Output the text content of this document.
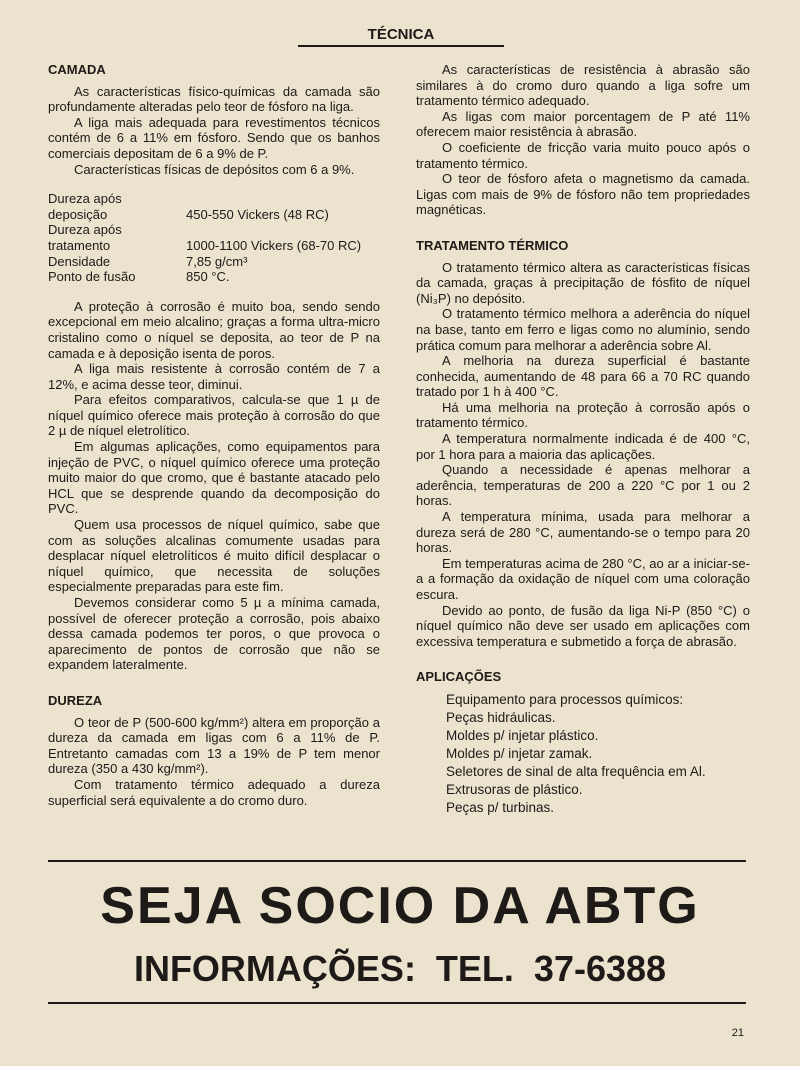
TÉCNICA
CAMADA

As características físico-químicas da camada são profundamente alteradas pelo teor de fósforo na liga.

A liga mais adequada para revestimentos técnicos contém de 6 a 11% em fósforo. Sendo que os banhos comerciais depositam de 6 a 9% de P.

Características físicas de depósitos com 6 a 9%.

Dureza após	
deposição	450-550 Vickers (48 RC)
Dureza após	
tratamento	1000-1100 Vickers (68-70 RC)
Densidade	7,85 g/cm³
Ponto de fusão	850 °C.

A proteção à corrosão é muito boa, sendo sendo excepcional em meio alcalino; graças a forma ultra-micro cristalino como o níquel se deposita, ao teor de P na camada e à deposição isenta de poros.

A liga mais resistente à corrosão contém de 7 a 12%, e acima desse teor, diminui.

Para efeitos comparativos, calcula-se que 1 µ de níquel químico oferece mais proteção à corrosão do que 2 µ de níquel eletrolítico.

Em algumas aplicações, como equipamentos para injeção de PVC, o níquel químico oferece uma proteção muito maior do que cromo, que é bastante atacado pelo HCL que se desprende quando da decomposição do PVC.

Quem usa processos de níquel químico, sabe que com as soluções alcalinas comumente usadas para desplacar níquel eletrolíticos é muito difícil desplacar o níquel químico, que necessita de soluções especialmente preparadas para este fim.

Devemos considerar como 5 µ a mínima camada, possível de oferecer proteção a corrosão, pois abaixo dessa camada podemos ter poros, o que provoca o aparecimento de pontos de corrosão que não se expandem lateralmente.

DUREZA

O teor de P (500-600 kg/mm²) altera em proporção a dureza da camada em ligas com 6 a 11% de P. Entretanto camadas com 13 a 19% de P tem menor dureza (350 a 430 kg/mm²).

Com tratamento térmico adequado a dureza superficial será equivalente a do cromo duro.

As características de resistência à abrasão são similares à do cromo duro quando a liga sofre um tratamento térmico adequado.

As ligas com maior porcentagem de P até 11% oferecem maior resistência à abrasão.

O coeficiente de fricção varia muito pouco após o tratamento térmico.

O teor de fósforo afeta o magnetismo da camada. Ligas com mais de 9% de fósforo não tem propriedades magnéticas.

TRATAMENTO TÉRMICO

O tratamento térmico altera as características físicas da camada, graças à precipitação de fósfito de níquel (Ni₃P) no depósito.

O tratamento térmico melhora a aderência do níquel na base, tanto em ferro e ligas como no alumínio, sendo prática comum para melhorar a aderência sobre Al.

A melhoria na dureza superficial é bastante conhecida, aumentando de 48 para 66 a 70 RC quando tratado por 1 h à 400 °C.

Há uma melhoria na proteção à corrosão após o tratamento térmico.

A temperatura normalmente indicada é de 400 °C, por 1 hora para a maioria das aplicações.

Quando a necessidade é apenas melhorar a aderência, temperaturas de 200 a 220 °C por 1 ou 2 horas.

A temperatura mínima, usada para melhorar a dureza será de 280 °C, aumentando-se o tempo para 20 horas.

Em temperaturas acima de 280 °C, ao ar a iniciar-se-a a formação da oxidação de níquel com uma coloração escura.

Devido ao ponto, de fusão da liga Ni-P (850 °C) o níquel químico não deve ser usado em aplicações com excessiva temperatura e submetido a força de abrasão.

APLICAÇÕES
Equipamento para processos químicos:
Peças hidráulicas.
Moldes p/ injetar plástico.
Moldes p/ injetar zamak.
Seletores de sinal de alta frequência em Al.
Extrusoras de plástico.
Peças p/ turbinas.
SEJA SOCIO DA ABTG
INFORMAÇÕES: TEL. 37-6388
21
